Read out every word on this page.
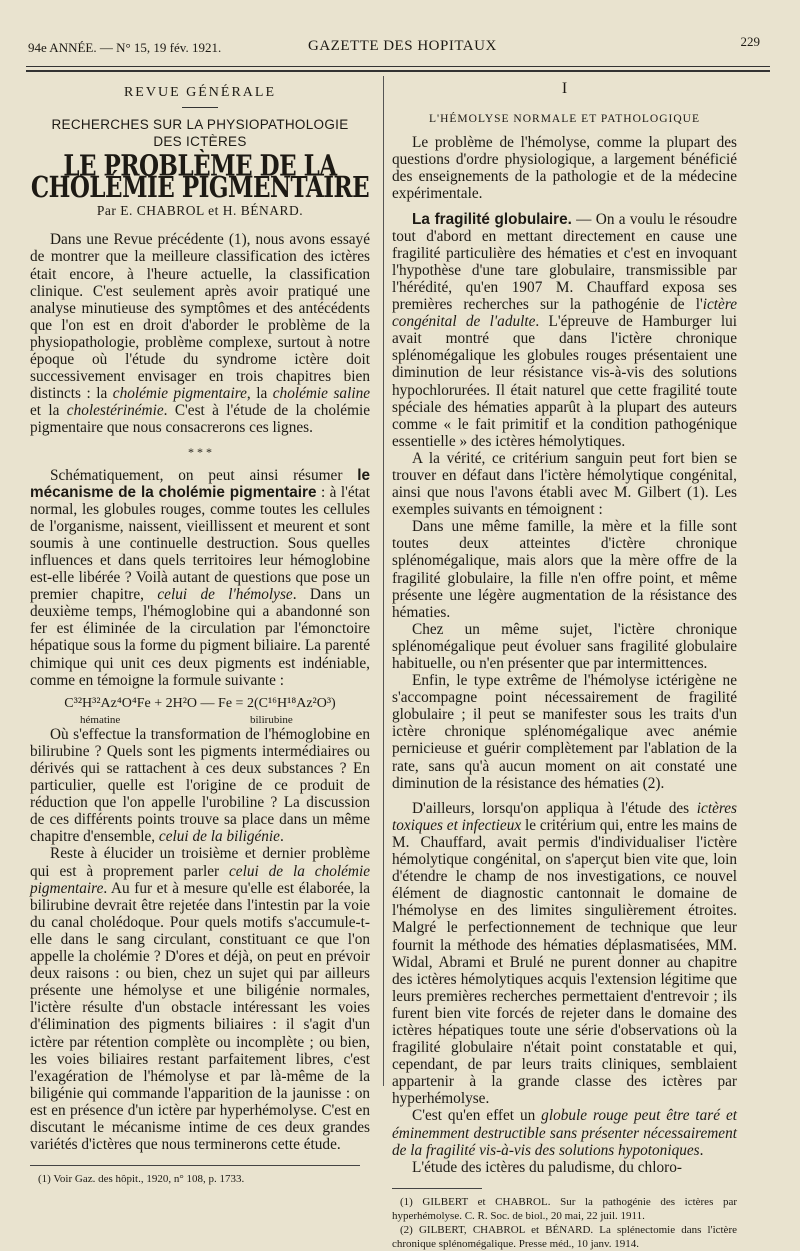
94e ANNÉE. — N° 15, 19 fév. 1921.	GAZETTE DES HOPITAUX	229
REVUE GÉNÉRALE
RECHERCHES SUR LA PHYSIOPATHOLOGIE
DES ICTÈRES
LE PROBLÈME DE LA CHOLÉMIE PIGMENTAIRE
Par E. CHABROL et H. BÉNARD.

Dans une Revue précédente (1), nous avons essayé de montrer que la meilleure classification des ictères était encore, à l'heure actuelle, la classification clinique. C'est seulement après avoir pratiqué une analyse minutieuse des symptômes et des antécédents que l'on est en droit d'aborder le problème de la physiopathologie, problème complexe, surtout à notre époque où l'étude du syndrome ictère doit successivement envisager en trois chapitres bien distincts : la cholémie pigmentaire, la cholémie saline et la cholestérinémie. C'est à l'étude de la cholémie pigmentaire que nous consacrerons ces lignes.

* * *

Schématiquement, on peut ainsi résumer le mécanisme de la cholémie pigmentaire : à l'état normal, les globules rouges, comme toutes les cellules de l'organisme, naissent, vieillissent et meurent et sont soumis à une continuelle destruction. Sous quelles influences et dans quels territoires leur hémoglobine est-elle libérée ? Voilà autant de questions que pose un premier chapitre, celui de l'hémolyse. Dans un deuxième temps, l'hémoglobine qui a abandonné son fer est éliminée de la circulation par l'émonctoire hépatique sous la forme du pigment biliaire. La parenté chimique qui unit ces deux pigments est indéniable, comme en témoigne la formule suivante :

C³²H³²Az⁴O⁴Fe + 2H²O — Fe = 2(C¹⁶H¹⁸Az²O³)
hématine	bilirubine

Où s'effectue la transformation de l'hémoglobine en bilirubine ? Quels sont les pigments intermédiaires ou dérivés qui se rattachent à ces deux substances ? En particulier, quelle est l'origine de ce produit de réduction que l'on appelle l'urobiline ? La discussion de ces différents points trouve sa place dans un même chapitre d'ensemble, celui de la biligénie.

Reste à élucider un troisième et dernier problème qui est à proprement parler celui de la cholémie pigmentaire. Au fur et à mesure qu'elle est élaborée, la bilirubine devrait être rejetée dans l'intestin par la voie du canal cholédoque. Pour quels motifs s'accumule-t-elle dans le sang circulant, constituant ce que l'on appelle la cholémie ? D'ores et déjà, on peut en prévoir deux raisons : ou bien, chez un sujet qui par ailleurs présente une hémolyse et une biligénie normales, l'ictère résulte d'un obstacle intéressant les voies d'élimination des pigments biliaires : il s'agit d'un ictère par rétention complète ou incomplète ; ou bien, les voies biliaires restant parfaitement libres, c'est l'exagération de l'hémolyse et par là-même de la biligénie qui commande l'apparition de la jaunisse : on est en présence d'un ictère par hyperhémolyse. C'est en discutant le mécanisme intime de ces deux grandes variétés d'ictères que nous terminerons cette étude.

(1) Voir Gaz. des hôpit., 1920, n° 108, p. 1733.
I
L'HÉMOLYSE NORMALE ET PATHOLOGIQUE

Le problème de l'hémolyse, comme la plupart des questions d'ordre physiologique, a largement bénéficié des enseignements de la pathologie et de la médecine expérimentale.

La fragilité globulaire. — On a voulu le résoudre tout d'abord en mettant directement en cause une fragilité particulière des hématies et c'est en invoquant l'hypothèse d'une tare globulaire, transmissible par l'hérédité, qu'en 1907 M. Chauffard exposa ses premières recherches sur la pathogénie de l'ictère congénital de l'adulte. L'épreuve de Hamburger lui avait montré que dans l'ictère chronique splénomégalique les globules rouges présentaient une diminution de leur résistance vis-à-vis des solutions hypochlorurées. Il était naturel que cette fragilité toute spéciale des hématies apparût à la plupart des auteurs comme « le fait primitif et la condition pathogénique essentielle » des ictères hémolytiques.

A la vérité, ce critérium sanguin peut fort bien se trouver en défaut dans l'ictère hémolytique congénital, ainsi que nous l'avons établi avec M. Gilbert (1). Les exemples suivants en témoignent :

Dans une même famille, la mère et la fille sont toutes deux atteintes d'ictère chronique splénomégalique, mais alors que la mère offre de la fragilité globulaire, la fille n'en offre point, et même présente une légère augmentation de la résistance des hématies.

Chez un même sujet, l'ictère chronique splénomégalique peut évoluer sans fragilité globulaire habituelle, ou n'en présenter que par intermittences.

Enfin, le type extrême de l'hémolyse ictérigène ne s'accompagne point nécessairement de fragilité globulaire ; il peut se manifester sous les traits d'un ictère chronique splénomégalique avec anémie pernicieuse et guérir complètement par l'ablation de la rate, sans qu'à aucun moment on ait constaté une diminution de la résistance des hématies (2).

D'ailleurs, lorsqu'on appliqua à l'étude des ictères toxiques et infectieux le critérium qui, entre les mains de M. Chauffard, avait permis d'individualiser l'ictère hémolytique congénital, on s'aperçut bien vite que, loin d'étendre le champ de nos investigations, ce nouvel élément de diagnostic cantonnait le domaine de l'hémolyse en des limites singulièrement étroites. Malgré le perfectionnement de technique que leur fournit la méthode des hématies déplasmatisées, MM. Widal, Abrami et Brulé ne purent donner au chapitre des ictères hémolytiques acquis l'extension légitime que leurs premières recherches permettaient d'entrevoir ; ils furent bien vite forcés de rejeter dans le domaine des ictères hépatiques toute une série d'observations où la fragilité globulaire n'était point constatable et qui, cependant, de par leurs traits cliniques, semblaient appartenir à la grande classe des ictères par hyperhémolyse.

C'est qu'en effet un globule rouge peut être taré et éminemment destructible sans présenter nécessairement de la fragilité vis-à-vis des solutions hypotoniques.

L'étude des ictères du paludisme, du chloro-

(1) GILBERT et CHABROL. Sur la pathogénie des ictères par hyperhémolyse. C. R. Soc. de biol., 20 mai, 22 juil. 1911.
(2) GILBERT, CHABROL et BÉNARD. La splénectomie dans l'ictère chronique splénomégalique. Presse méd., 10 janv. 1914.
